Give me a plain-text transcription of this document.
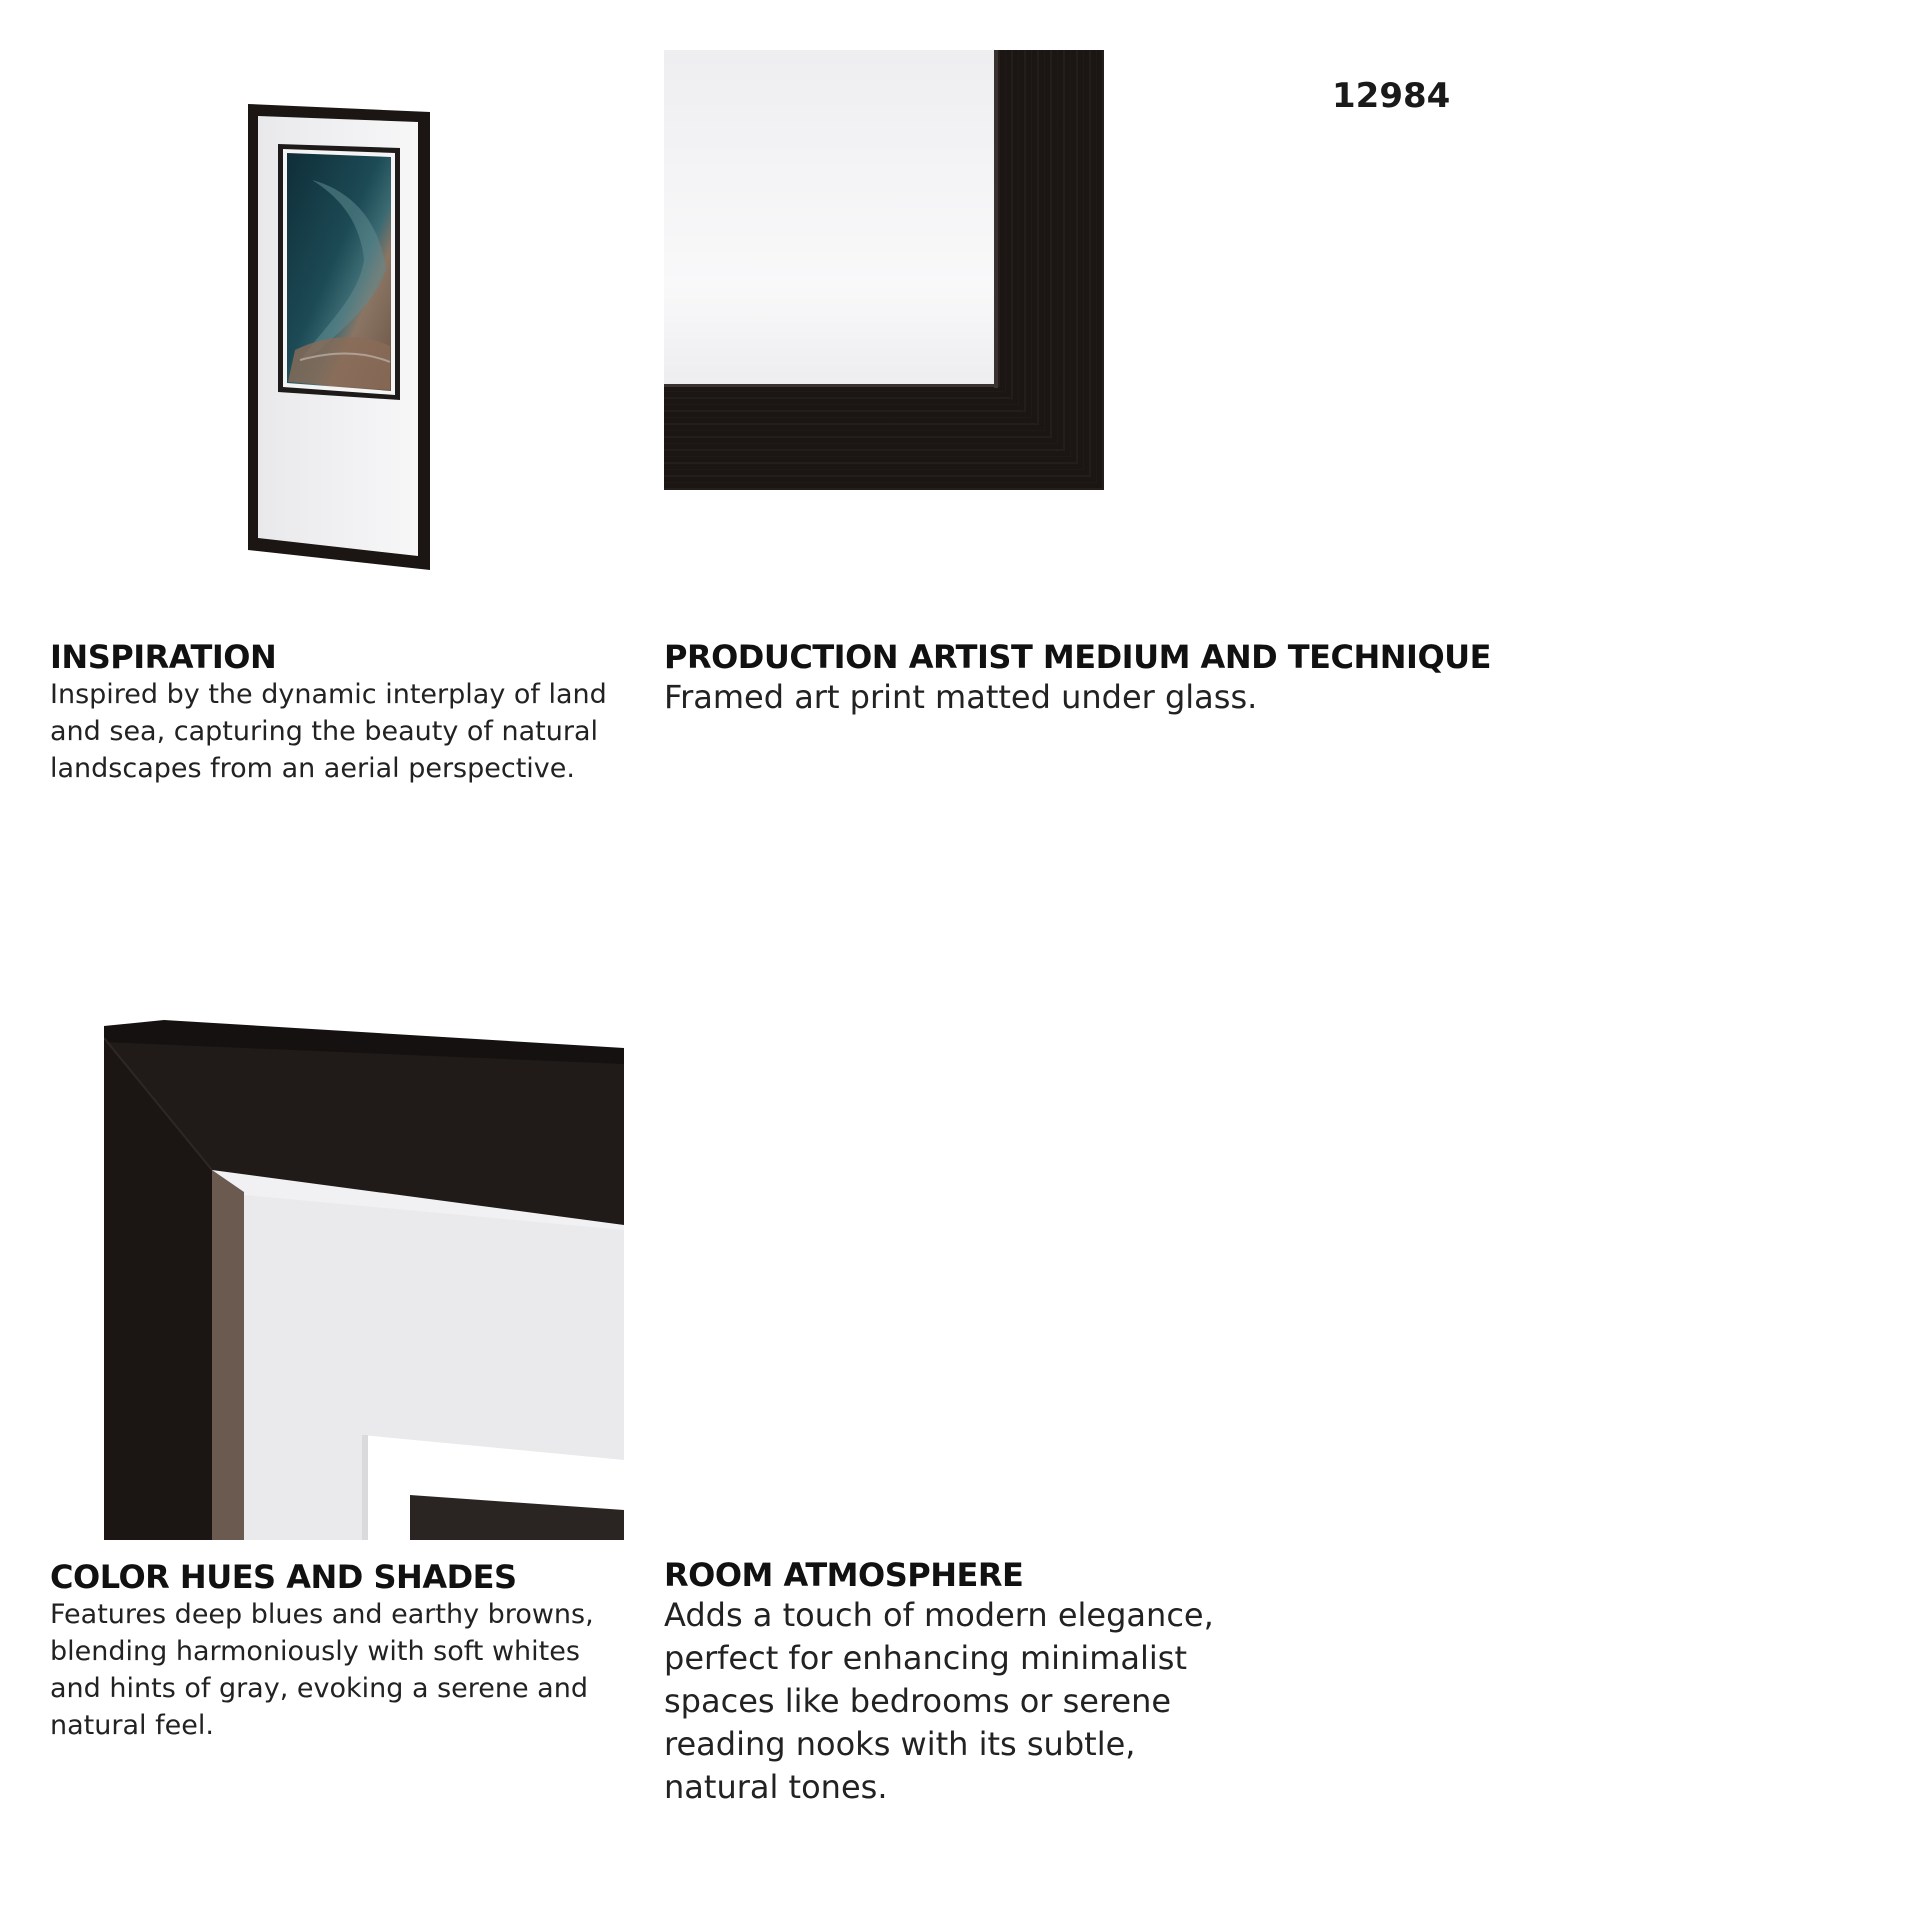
12984
INSPIRATION
Inspired by the dynamic interplay of land and sea, capturing the beauty of natural landscapes from an aerial perspective.
PRODUCTION ARTIST MEDIUM AND TECHNIQUE
Framed art print matted under glass.
COLOR HUES AND SHADES
Features deep blues and earthy browns, blending harmoniously with soft whites and hints of gray, evoking a serene and natural feel.
ROOM ATMOSPHERE
Adds a touch of modern elegance, perfect for enhancing minimalist spaces like bedrooms or serene reading nooks with its subtle, natural tones.
